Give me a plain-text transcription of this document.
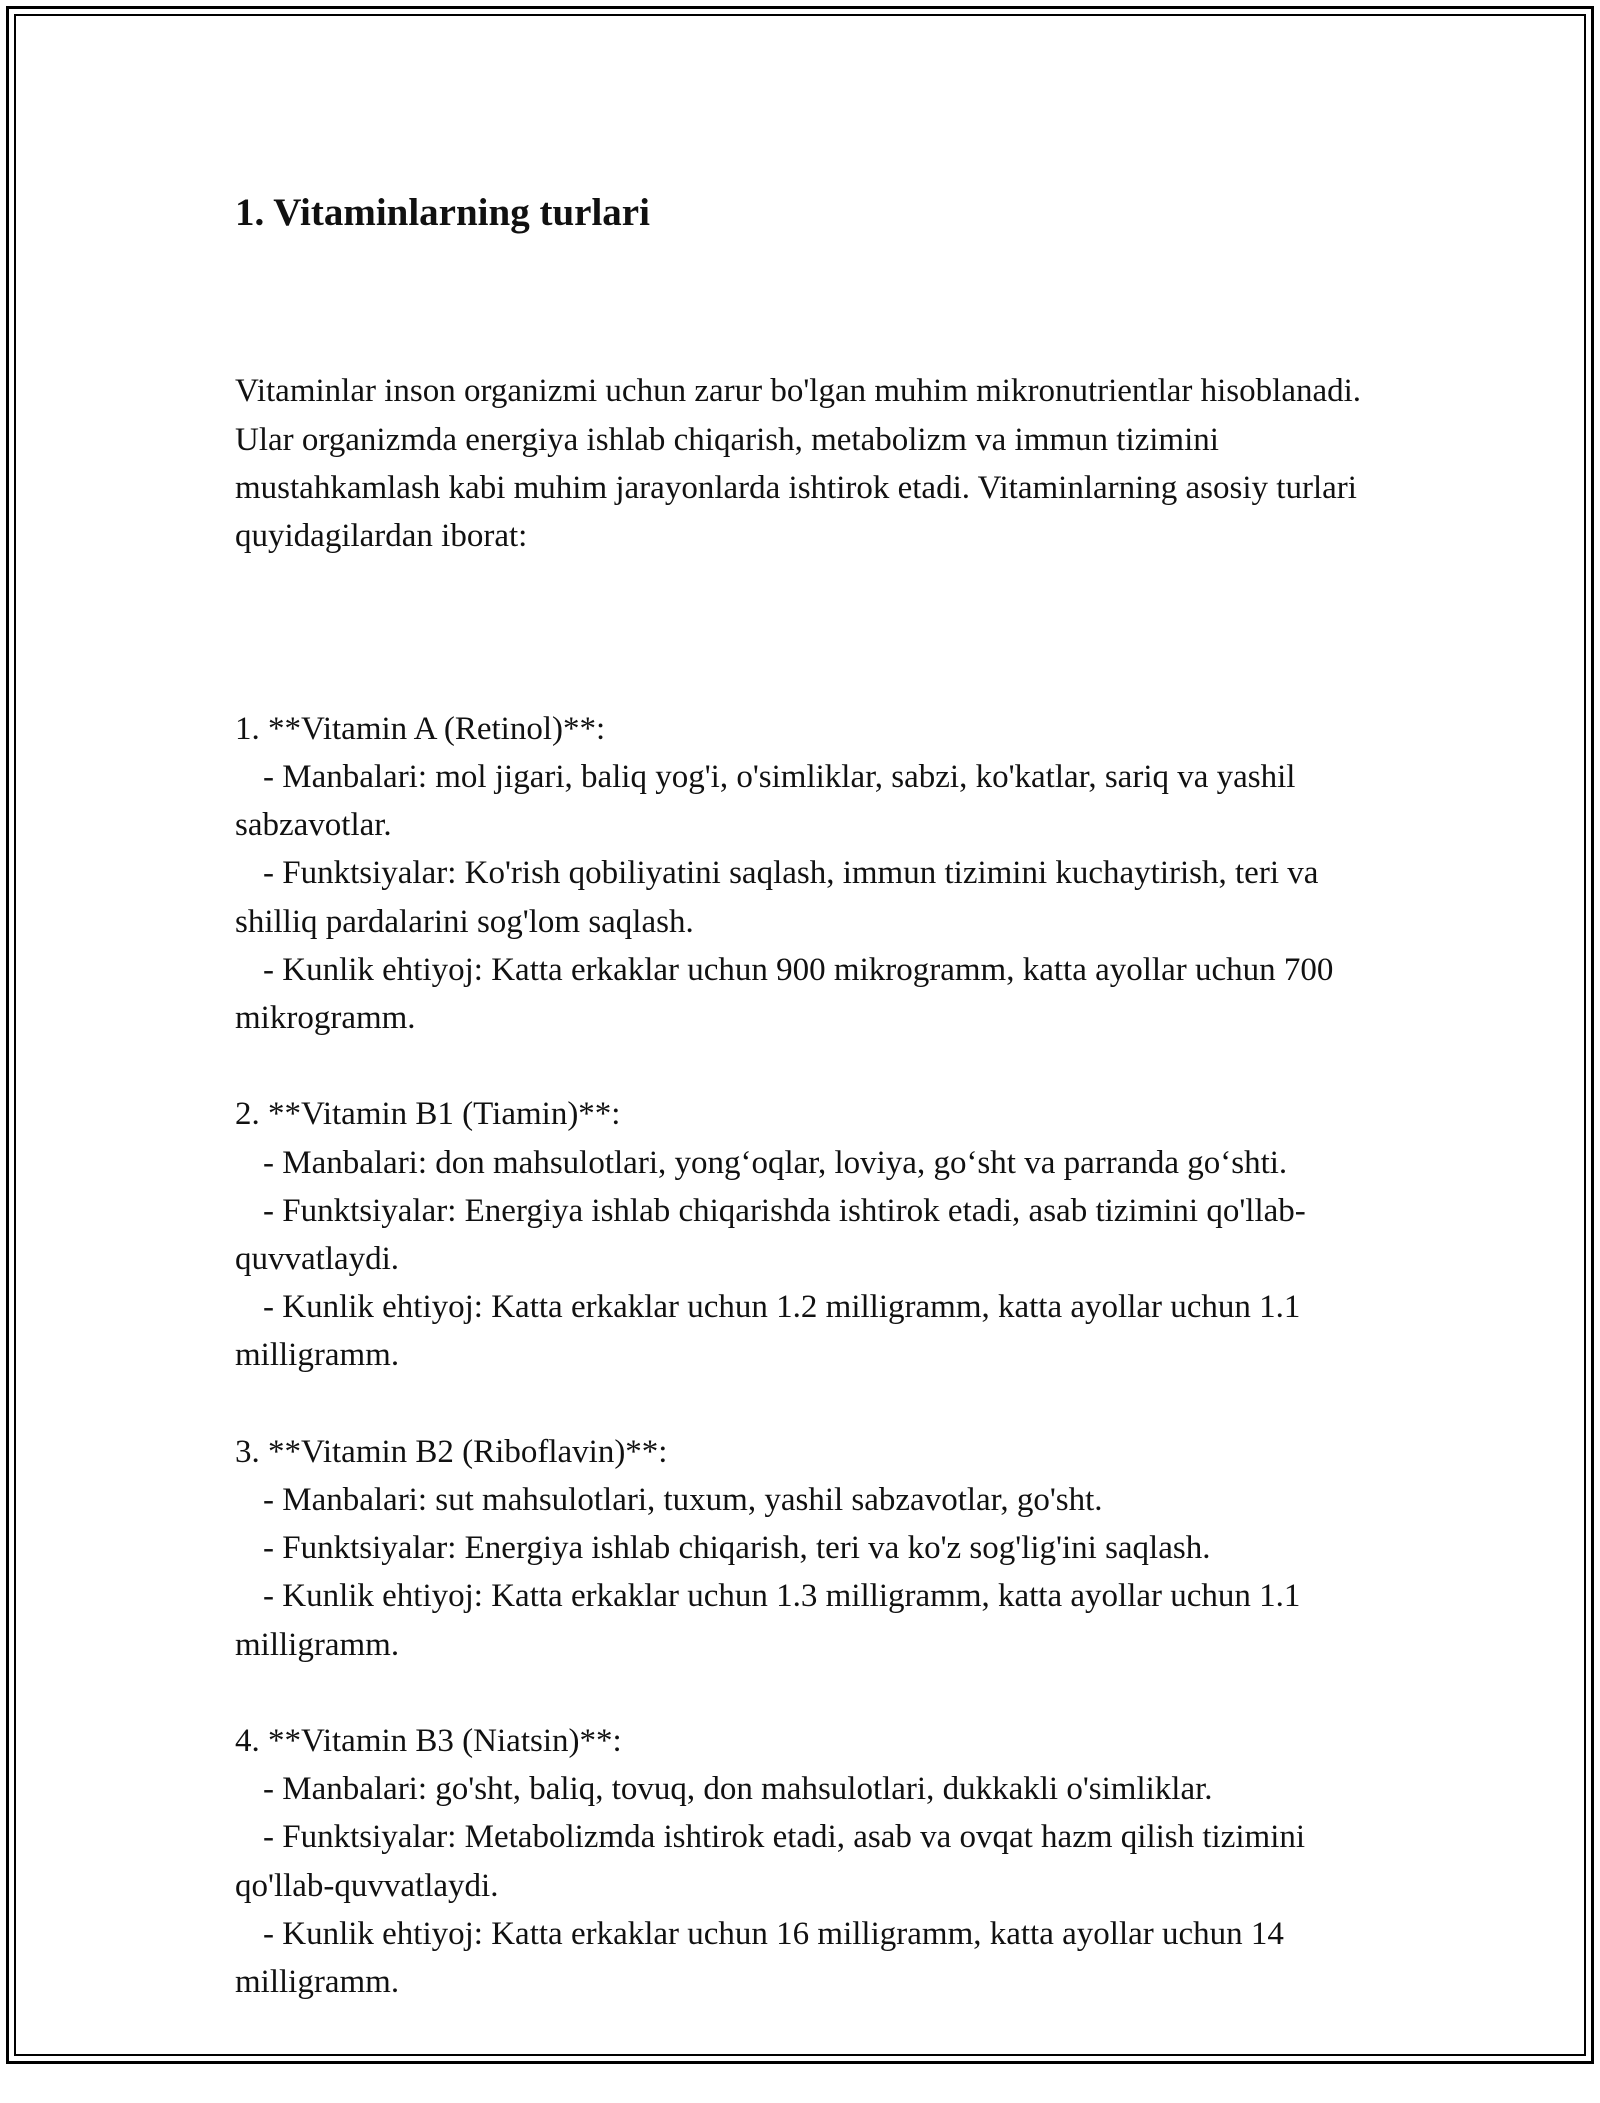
1. Vitaminlarning turlari

Vitaminlar inson organizmi uchun zarur bo'lgan muhim mikronutrientlar hisoblanadi. Ular organizmda energiya ishlab chiqarish, metabolizm va immun tizimini mustahkamlash kabi muhim jarayonlarda ishtirok etadi. Vitaminlarning asosiy turlari quyidagilardan iborat:

1. **Vitamin A (Retinol)**:

- Manbalari: mol jigari, baliq yog'i, o'simliklar, sabzi, ko'katlar, sariq va yashil sabzavotlar.

- Funktsiyalar: Ko'rish qobiliyatini saqlash, immun tizimini kuchaytirish, teri va shilliq pardalarini sog'lom saqlash.

- Kunlik ehtiyoj: Katta erkaklar uchun 900 mikrogramm, katta ayollar uchun 700 mikrogramm.

2. **Vitamin B1 (Tiamin)**:

- Manbalari: don mahsulotlari, yong‘oqlar, loviya, go‘sht va parranda go‘shti.

- Funktsiyalar: Energiya ishlab chiqarishda ishtirok etadi, asab tizimini qo'llab-quvvatlaydi.

- Kunlik ehtiyoj: Katta erkaklar uchun 1.2 milligramm, katta ayollar uchun 1.1 milligramm.

3. **Vitamin B2 (Riboflavin)**:

- Manbalari: sut mahsulotlari, tuxum, yashil sabzavotlar, go'sht.

- Funktsiyalar: Energiya ishlab chiqarish, teri va ko'z sog'lig'ini saqlash.

- Kunlik ehtiyoj: Katta erkaklar uchun 1.3 milligramm, katta ayollar uchun 1.1 milligramm.

4. **Vitamin B3 (Niatsin)**:

- Manbalari: go'sht, baliq, tovuq, don mahsulotlari, dukkakli o'simliklar.

- Funktsiyalar: Metabolizmda ishtirok etadi, asab va ovqat hazm qilish tizimini qo'llab-quvvatlaydi.

- Kunlik ehtiyoj: Katta erkaklar uchun 16 milligramm, katta ayollar uchun 14 milligramm.
